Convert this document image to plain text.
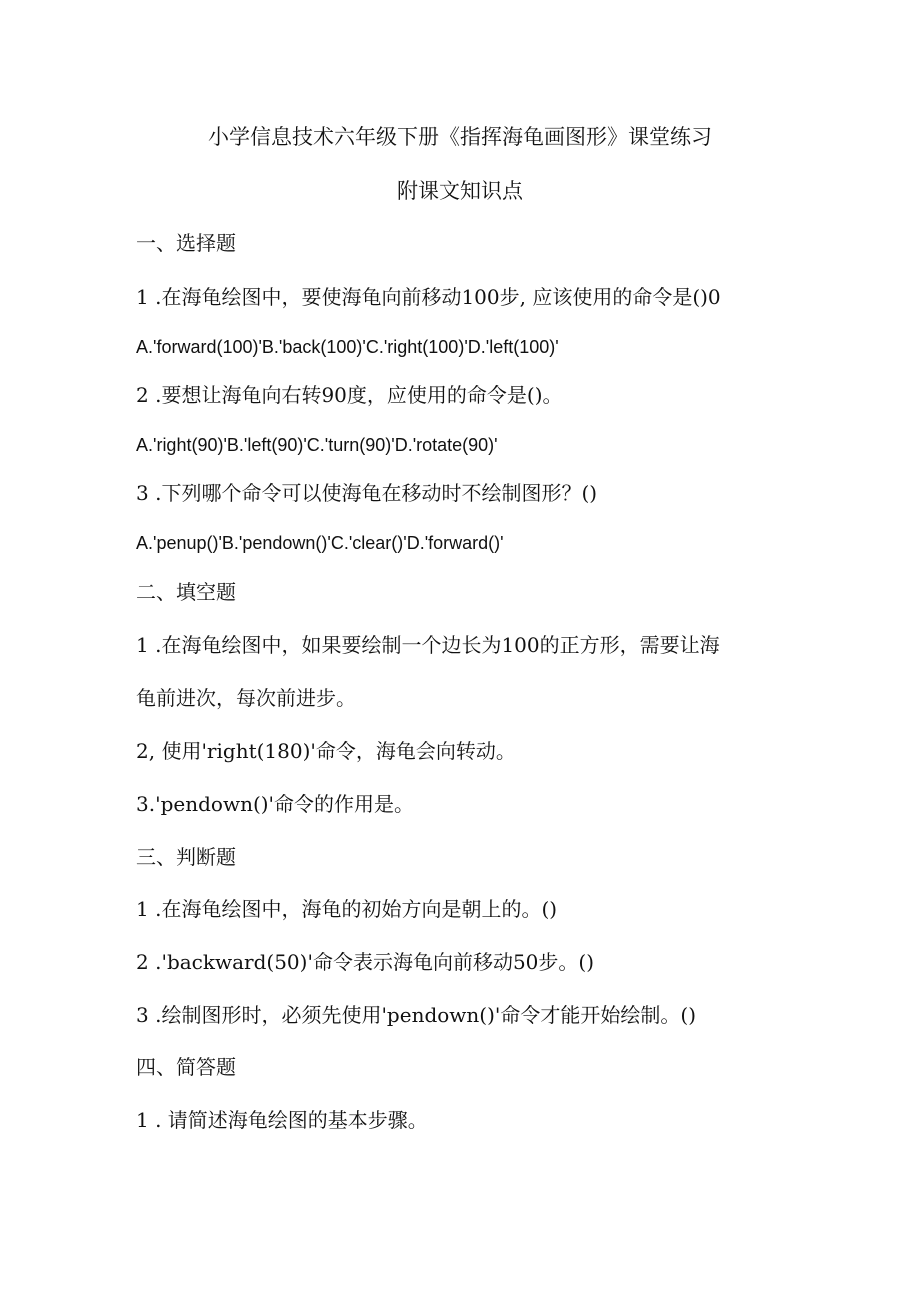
小学信息技术六年级下册《指挥海龟画图形》课堂练习
附课文知识点
一、选择题
1 .在海龟绘图中，要使海龟向前移动100步, 应该使用的命令是()0
A.'forward(100)'B.'back(100)'C.'right(100)'D.'left(100)'
2 .要想让海龟向右转90度，应使用的命令是()。
A.'right(90)'B.'left(90)'C.'turn(90)'D.'rotate(90)'
3 .下列哪个命令可以使海龟在移动时不绘制图形？()
A.'penup()'B.'pendown()'C.'clear()'D.'forward()'
二、填空题
1 .在海龟绘图中，如果要绘制一个边长为100的正方形，需要让海
龟前进次，每次前进步。
2, 使用'right(180)'命令，海龟会向转动。
3.'pendown()'命令的作用是。
三、判断题
1 .在海龟绘图中，海龟的初始方向是朝上的。()
2 .'backward(50)'命令表示海龟向前移动50步。()
3 .绘制图形时，必须先使用'pendown()'命令才能开始绘制。()
四、简答题
1 . 请简述海龟绘图的基本步骤。
